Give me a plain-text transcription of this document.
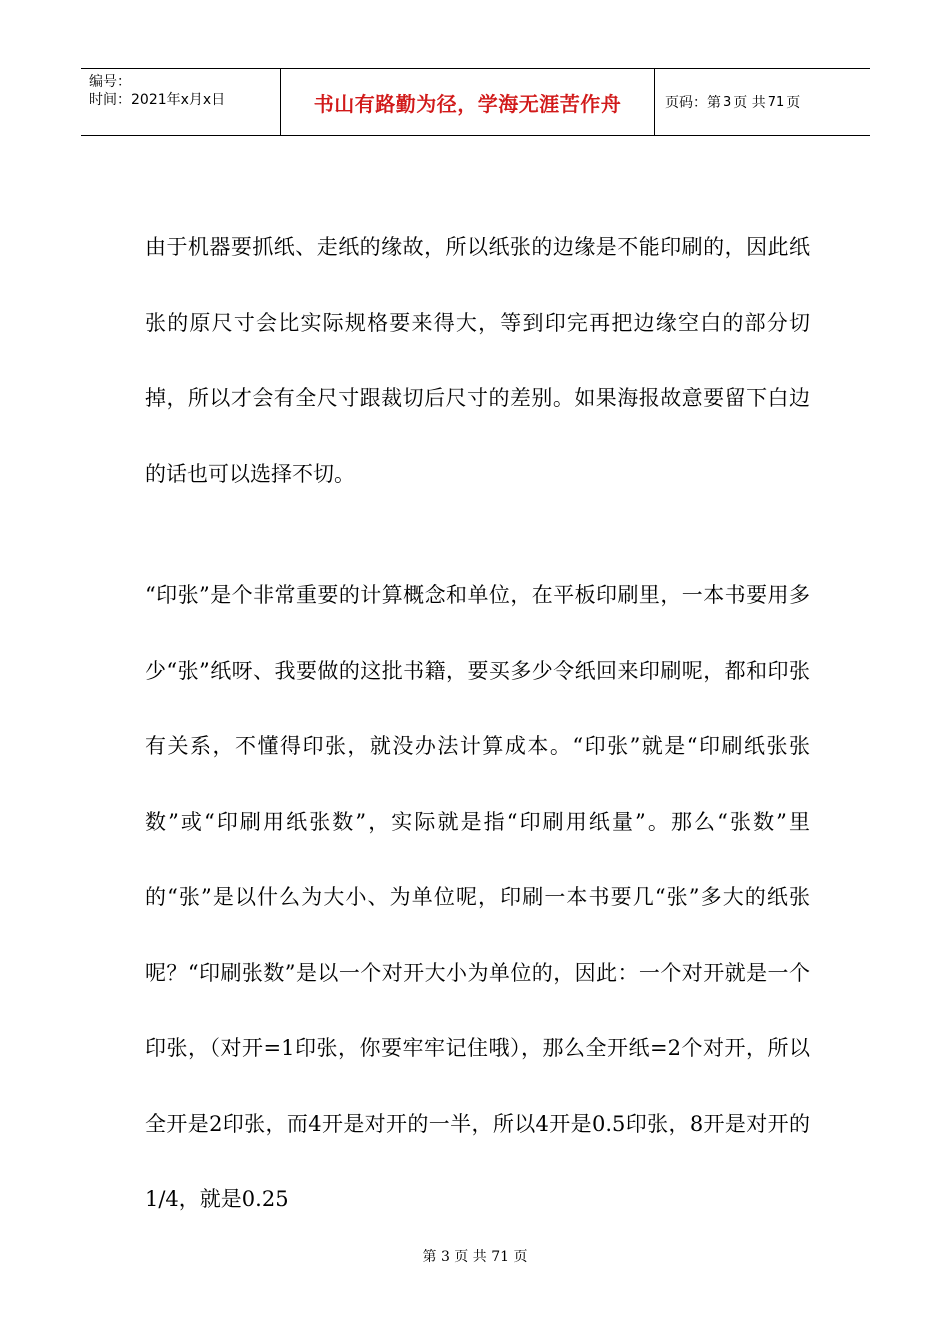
编号：
时间：2021年x月x日	书山有路勤为径，学海无涯苦作舟	页码：第 3 页 共 71 页

由于机器要抓纸、走纸的缘故，所以纸张的边缘是不能印刷的，因此纸张的原尺寸会比实际规格要来得大，等到印完再把边缘空白的部分切掉，所以才会有全尺寸跟裁切后尺寸的差别。如果海报故意要留下白边的话也可以选择不切。

“印张”是个非常重要的计算概念和单位，在平板印刷里，一本书要用多少“张”纸呀、我要做的这批书籍，要买多少令纸回来印刷呢，都和印张有关系，不懂得印张，就没办法计算成本。“印张”就是“印刷纸张张数”或“印刷用纸张数”，实际就是指“印刷用纸量”。那么“张数”里的“张”是以什么为大小、为单位呢，印刷一本书要几“张”多大的纸张呢？“印刷张数”是以一个对开大小为单位的，因此：一个对开就是一个印张，（对开=1印张，你要牢牢记住哦），那么全开纸=2个对开，所以全开是2印张，而4开是对开的一半，所以4开是0.5印张，8开是对开的1/4，就是0.25

第 3 页 共 71 页
